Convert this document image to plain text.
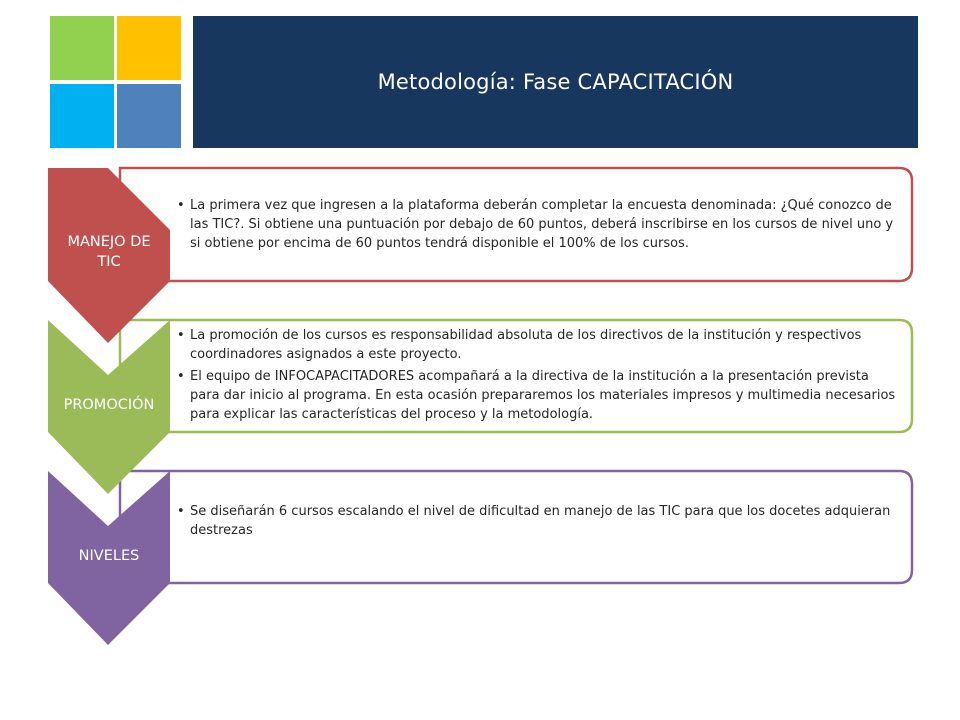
Metodología: Fase CAPACITACIÓN
MANEJO DE
TIC
PROMOCIÓN
NIVELES
• La primera vez que ingresen a la plataforma deberán completar la encuesta denominada: ¿Qué conozco de las TIC?. Si obtiene una puntuación por debajo de 60 puntos, deberá inscribirse en los cursos de nivel uno y si obtiene por encima de 60 puntos tendrá disponible el 100% de los cursos.
• La promoción de los cursos es responsabilidad absoluta de los directivos de la institución y respectivos coordinadores asignados a este proyecto.
• El equipo de INFOCAPACITADORES acompañará a la directiva de la institución a la presentación prevista para dar inicio al programa. En esta ocasión prepararemos los materiales impresos y multimedia necesarios para explicar las características del proceso y la metodología.
• Se diseñarán 6 cursos escalando el nivel de dificultad en manejo de las TIC para que los docetes adquieran destrezas
